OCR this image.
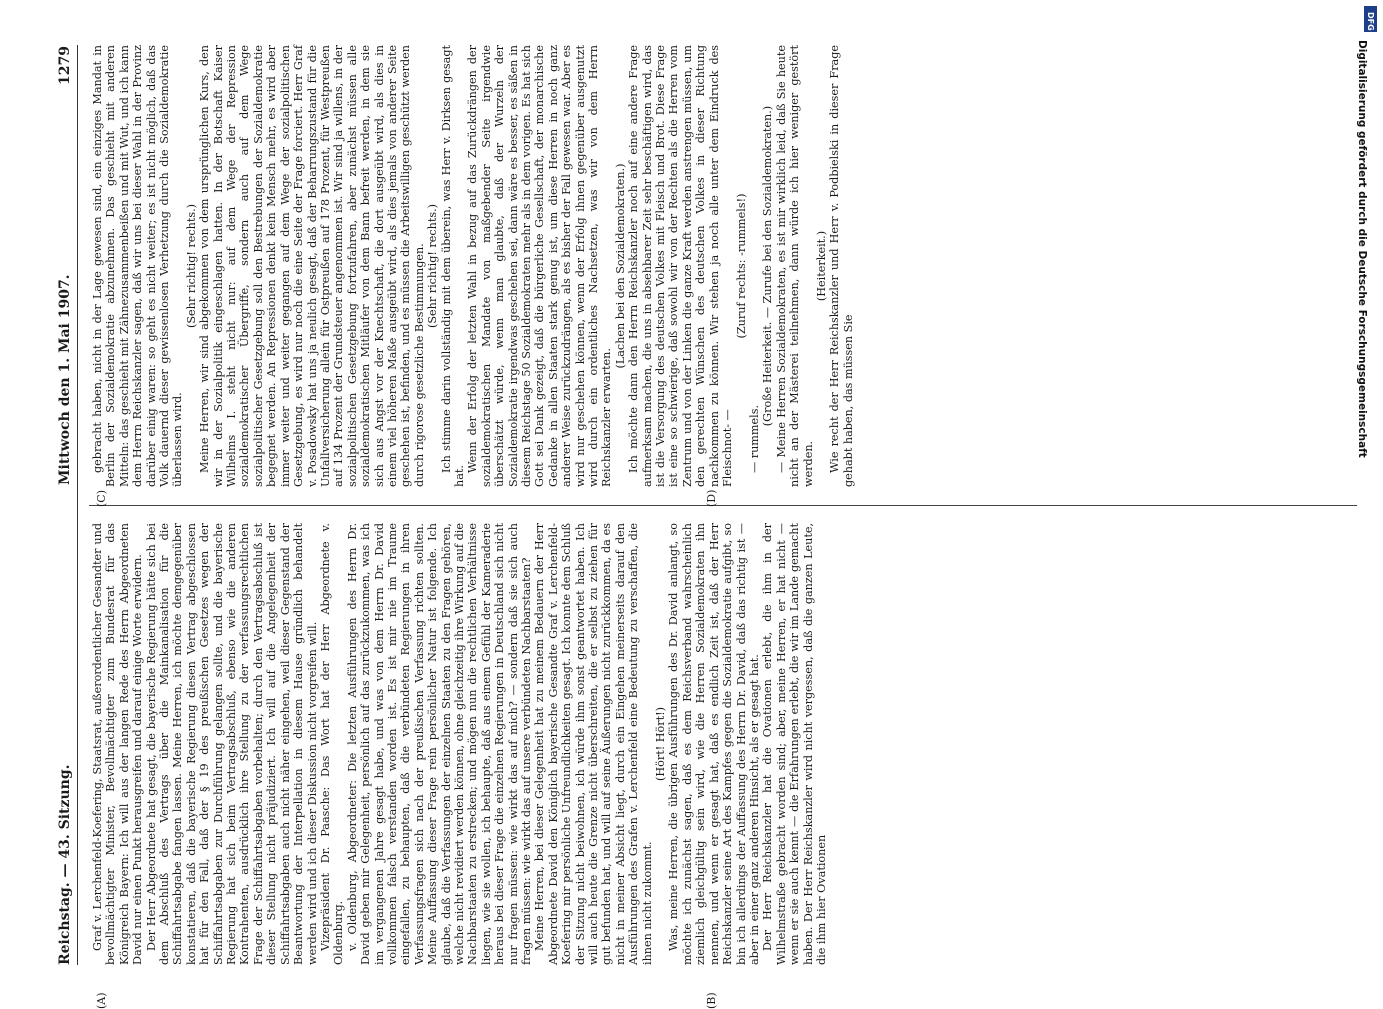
Reichstag. — 43. Sitzung.
Mittwoch den 1. Mai 1907.
1279

Graf v. Lerchenfeld-Koefering, Staatsrat, außerordentlicher Gesandter und bevollmächtigter Minister, Bevollmächtigter zum Bundesrat für das Königreich Bayern: Ich will aus der langen Rede des Herrn Abgeordneten David nur einen Punkt herausgreifen und darauf einige Worte erwidern. Der Herr Abgeordnete hat gesagt, die bayerische Regierung hätte sich bei dem Abschluß des Vertrags über die Mainkanalisation für die Schiffahrtsabgabe fangen lassen. Meine Herren, ich möchte demgegenüber konstatieren, daß die bayerische Regierung diesen Vertrag abgeschlossen hat für den Fall, daß der § 19 des preußischen Gesetzes wegen der Schiffahrtsabgaben zur Durchführung gelangen sollte, und die bayerische Regierung hat sich beim Vertragsabschluß, ebenso wie die anderen Kontrahenten, ausdrücklich ihre Stellung zu der verfassungsrechtlichen Frage der Schiffahrtsabgaben vorbehalten; durch den Vertragsabschluß ist dieser Stellung nicht präjudiziert. Ich will auf die Angelegenheit der Schiffahrtsabgaben auch nicht näher eingehen, weil dieser Gegenstand der Beantwortung der Interpellation in diesem Hause gründlich behandelt werden wird und ich dieser Diskussion nicht vorgreifen will. Vizepräsident Dr. Paasche: Das Wort hat der Herr Abgeordnete v. Oldenburg. v. Oldenburg, Abgeordneter: Die letzten Ausführungen des Herrn Dr. David geben mir Gelegenheit, persönlich auf das zurückzukommen, was ich im vergangenen Jahre gesagt habe, und was von dem Herrn Dr. David vollkommen falsch verstanden worden ist. Es ist mir nie im Traume eingefallen, zu behaupten, daß die verbündeten Regierungen in ihren Verfassungsfragen sich nach der preußischen Verfassung richten sollten. Meine Auffassung dieser Frage rein persönlicher Natur ist folgende. Ich glaube, daß die Verfassungen der einzelnen Staaten zu den Fragen gehören, welche nicht revidiert werden können, ohne gleichzeitig ihre Wirkung auf die Nachbarstaaten zu erstrecken; und mögen nun die rechtlichen Verhältnisse liegen, wie sie wollen, ich behaupte, daß aus einem Gefühl der Kameraderie heraus bei dieser Frage die einzelnen Regierungen in Deutschland sich nicht nur fragen müssen: wie wirkt das auf mich? — sondern daß sie sich auch fragen müssen: wie wirkt das auf unsere verbündeten Nachbarstaaten? Meine Herren, bei dieser Gelegenheit hat zu meinem Bedauern der Herr Abgeordnete David den Königlich bayerische Gesandte Graf v. Lerchenfeld-Koefering mir persönliche Unfreundlichkeiten gesagt. Ich konnte dem Schluß der Sitzung nicht beiwohnen, ich würde ihm sonst geantwortet haben. Ich will auch heute die Grenze nicht überschreiten, die er selbst zu ziehen für gut befunden hat, und will auf seine Äußerungen nicht zurückkommen, da es nicht in meiner Absicht liegt, durch ein Eingehen meinerseits darauf den Ausführungen des Grafen v. Lerchenfeld eine Bedeutung zu verschaffen, die ihnen nicht zukommt.

(Hört! Hört!) Was, meine Herren, die übrigen Ausführungen des Dr. David anlangt, so möchte ich zunächst sagen, daß es dem Reichsverband wahrscheinlich ziemlich gleichgültig sein wird, wie die Herren Sozialdemokraten ihn nennen, und wenn er gesagt hat, daß es endlich Zeit ist, daß der Herr Reichskanzler seine Art des Kampfes gegen die Sozialdemokratie aufgibt, so bin ich allerdings der Auffassung des Herrn Dr. David, daß das richtig ist — aber in einer ganz anderen Hinsicht, als er gesagt hat. Der Herr Reichskanzler hat die Ovationen erlebt, die ihm in der Wilhelmstraße gebracht worden sind; aber, meine Herren, er hat nicht — wenn er sie auch kennt — die Erfahrungen erlebt, die wir im Lande gemacht haben. Der Herr Reichskanzler wird nicht vergessen, daß die ganzen Leute, die ihm hier Ovationen

gebracht haben, nicht in der Lage gewesen sind, ein einziges Mandat in Berlin der Sozialdemokratie abzunehmen. Das geschieht mit anderen Mitteln: das geschieht mit Zähnezusammenbeißen und mit Wut, und ich kann dem Herrn Reichskanzler sagen, daß wir uns bei dieser Wahl in der Provinz darüber einig waren: so geht es nicht weiter; es ist nicht möglich, daß das Volk dauernd dieser gewissenlosen Verhetzung durch die Sozialdemokratie überlassen wird.

(Sehr richtig! rechts.) Meine Herren, wir sind abgekommen von dem ursprünglichen Kurs, den wir in der Sozialpolitik eingeschlagen hatten. In der Botschaft Kaiser Wilhelms I. steht nicht nur: auf dem Wege der Repression sozialdemokratischer Übergriffe, sondern auch auf dem Wege sozialpolitischer Gesetzgebung soll den Bestrebungen der Sozialdemokratie begegnet werden. An Repressionen denkt kein Mensch mehr, es wird aber immer weiter und weiter gegangen auf dem Wege der sozialpolitischen Gesetzgebung, es wird nur noch die eine Seite der Frage forciert. Herr Graf v. Posadowsky hat uns ja neulich gesagt, daß der Beharrungszustand für die Unfallversicherung allein für Ostpreußen auf 178 Prozent, für Westpreußen auf 134 Prozent der Grundsteuer angenommen ist. Wir sind ja willens, in der sozialpolitischen Gesetzgebung fortzufahren, aber zunächst müssen alle sozialdemokratischen Mitläufer von dem Bann befreit werden, in dem sie sich aus Angst vor der Knechtschaft, die dort ausgeübt wird, als dies in einem viel höheren Maße ausgeübt wird, als dies jemals von anderer Seite geschehen ist, befinden, und es müssen die Arbeitswilligen geschützt werden durch rigorose gesetzliche Bestimmungen. (Sehr richtig! rechts.) Ich stimme darin vollständig mit dem überein, was Herr v. Dirksen gesagt hat.

Wenn der Erfolg der letzten Wahl in bezug auf das Zurückdrängen der sozialdemokratischen Mandate von maßgebender Seite irgendwie überschätzt würde, wenn man glaubte, daß der Wurzeln der Sozialdemokratie irgendwas geschehen sei, dann wäre es besser, es säßen in diesem Reichstage 50 Sozialdemokraten mehr als in dem vorigen. Es hat sich Gott sei Dank gezeigt, daß die bürgerliche Gesellschaft, der monarchische Gedanke in allen Staaten stark genug ist, um diese Herren in noch ganz anderer Weise zurückzudrängen, als es bisher der Fall gewesen war. Aber es wird nur geschehen können, wenn der Erfolg ihnen gegenüber ausgenutzt wird durch ein ordentliches Nachsetzen, was wir von dem Herrn Reichskanzler erwarten.

(Lachen bei den Sozialdemokraten.) Ich möchte dann den Herrn Reichskanzler noch auf eine andere Frage aufmerksam machen, die uns in absehbarer Zeit sehr beschäftigen wird, das ist die Versorgung des deutschen Volkes mit Fleisch und Brot. Diese Frage ist eine so schwierige, daß sowohl wir von der Rechten als die Herren vom Zentrum und von der Linken die ganze Kraft werden anstrengen müssen, um den gerechten Wünschen des deutschen Volkes in dieser Richtung nachkommen zu können. Wir stehen ja noch alle unter dem Eindruck des Fleischnot- —

(Zuruf rechts: -rummels!)

— rummels.

(Große Heiterkeit. — Zurufe bei den Sozialdemokraten.) — Meine Herren Sozialdemokraten, es ist mir wirklich leid, daß Sie heute nicht an der Mästerei teilnehmen, dann würde ich hier weniger gestört werden.

(Heiterkeit.) Wie recht der Herr Reichskanzler und Herr v. Podbielski in dieser Frage gehabt haben, das müssen Sie

(A)	(B)
(C)	(D)
DFG
Digitalisierung gefördert durch die Deutsche Forschungsgemeinschaft
